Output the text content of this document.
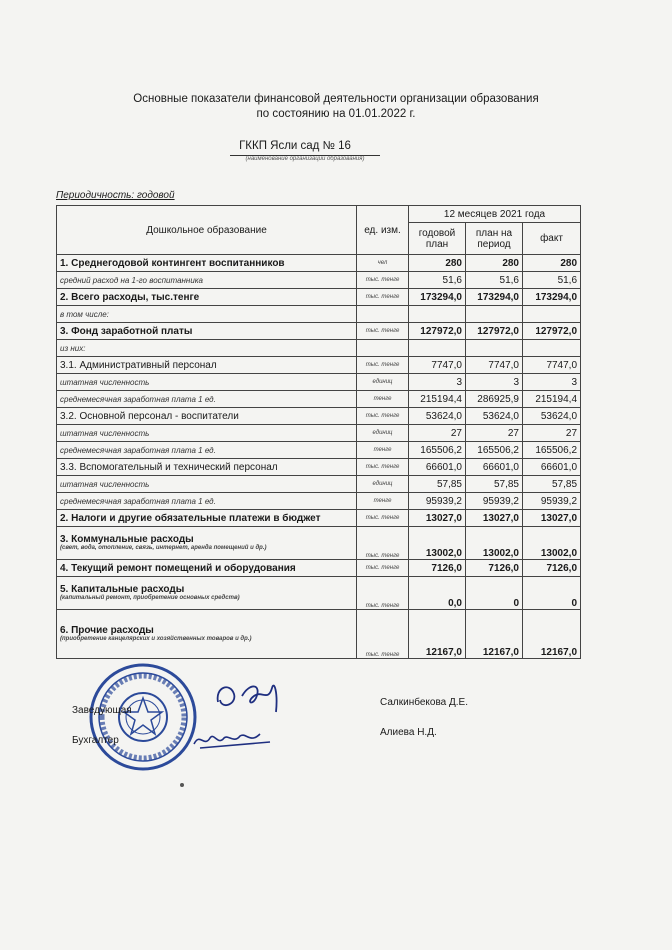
Основные показатели финансовой деятельности организации образования
по состоянию на 01.01.2022 г.
ГККП Ясли сад № 16
(наименование организации образования)
Периодичность: годовой
Дошкольное образование	ед. изм.	12 месяцев 2021 года		
		годовой план	план на период	факт
1. Среднегодовой контингент воспитанников	чел	280	280	280
средний расход на 1-го воспитанника	тыс. тенге	51,6	51,6	51,6
2. Всего расходы, тыс.тенге	тыс. тенге	173294,0	173294,0	173294,0
в том числе:				
3. Фонд заработной платы	тыс. тенге	127972,0	127972,0	127972,0
из них:				
3.1. Административный персонал	тыс. тенге	7747,0	7747,0	7747,0
штатная численность	единиц	3	3	3
среднемесячная заработная плата 1 ед.	тенге	215194,4	286925,9	215194,4
3.2. Основной персонал - воспитатели	тыс. тенге	53624,0	53624,0	53624,0
штатная численность	единиц	27	27	27
среднемесячная заработная плата 1 ед.	тенге	165506,2	165506,2	165506,2
3.3. Вспомогательный и технический персонал	тыс. тенге	66601,0	66601,0	66601,0
штатная численность	единиц	57,85	57,85	57,85
среднемесячная заработная плата 1 ед.	тенге	95939,2	95939,2	95939,2
2. Налоги и другие обязательные платежи в бюджет	тыс. тенге	13027,0	13027,0	13027,0
3. Коммунальные расходы
(свет, вода, отопление, связь, интернет, аренда помещений и др.)	тыс. тенге	13002,0	13002,0	13002,0
4. Текущий ремонт помещений и оборудования	тыс. тенге	7126,0	7126,0	7126,0
5. Капитальные расходы
(капитальный ремонт, приобретение основных средств)	тыс. тенге	0,0	0	0
6. Прочие расходы
(приобретение канцелярских и хозяйственных товаров и др.)	тыс. тенге	12167,0	12167,0	12167,0
Заведующая
Салкинбекова Д.Е.
Бухгалтер
Алиева Н.Д.
